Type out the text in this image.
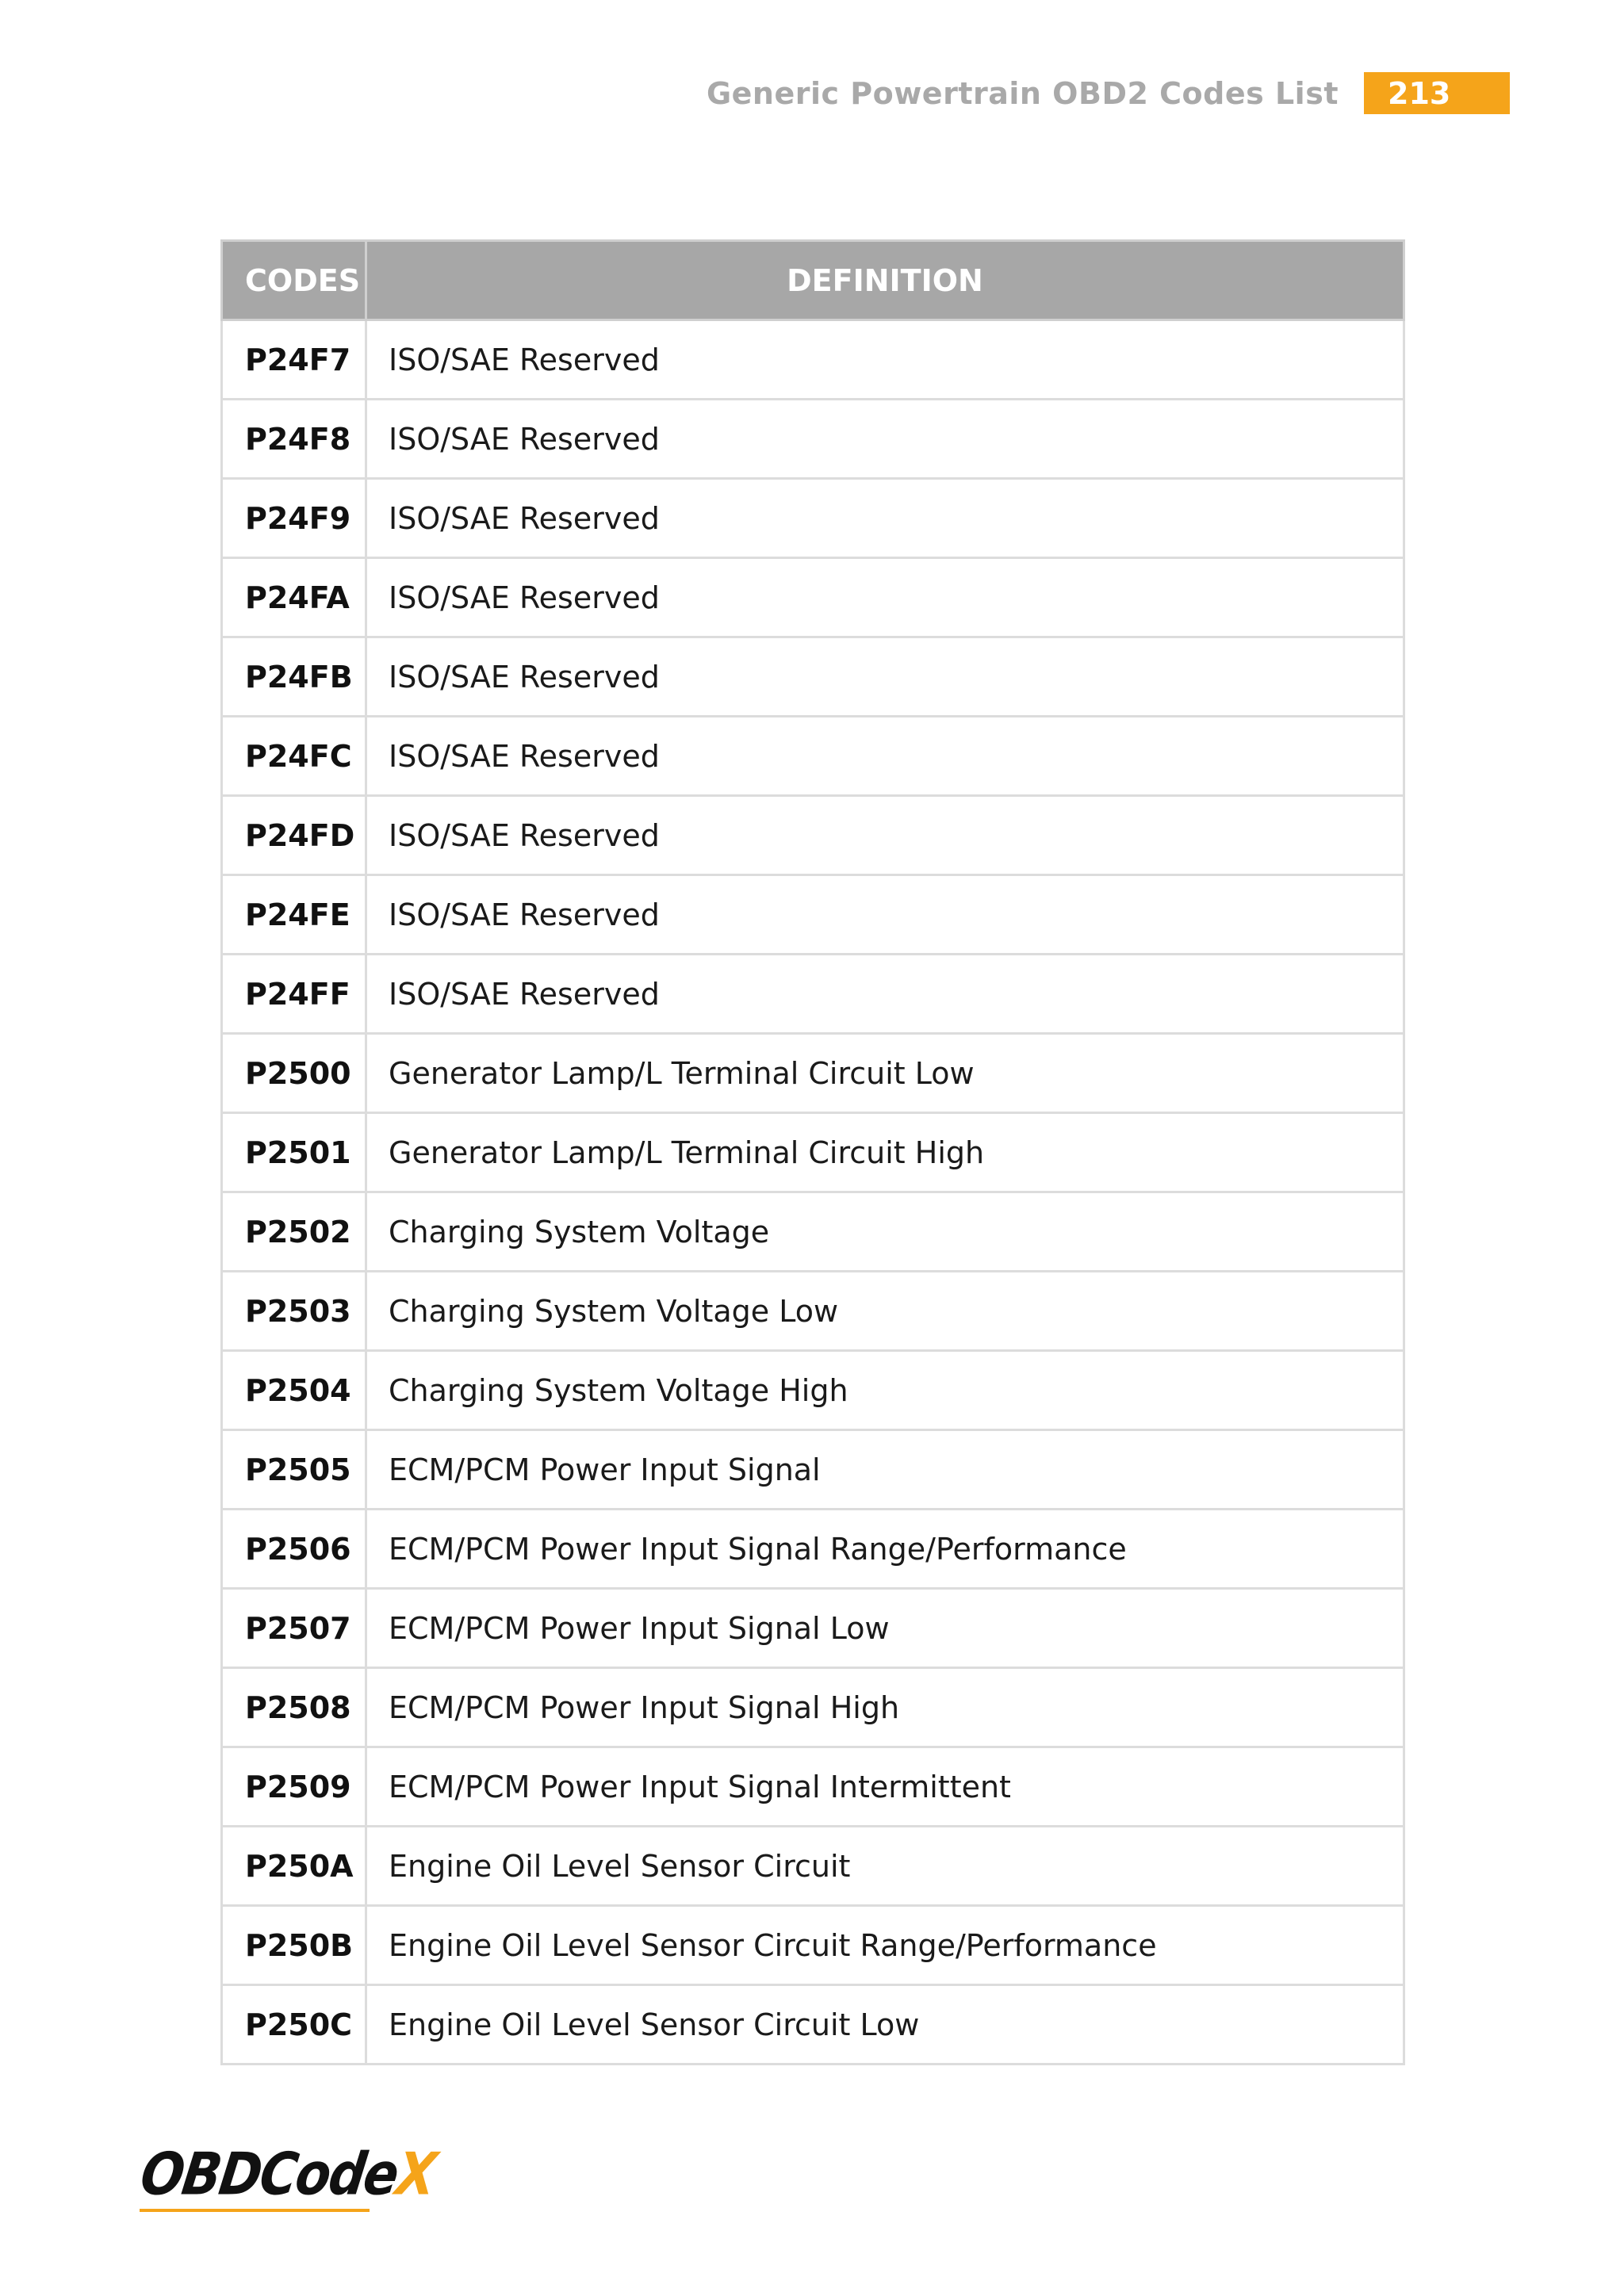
Generic Powertrain OBD2 Codes List	213
CODES	DEFINITION
P24F7	ISO/SAE Reserved
P24F8	ISO/SAE Reserved
P24F9	ISO/SAE Reserved
P24FA	ISO/SAE Reserved
P24FB	ISO/SAE Reserved
P24FC	ISO/SAE Reserved
P24FD	ISO/SAE Reserved
P24FE	ISO/SAE Reserved
P24FF	ISO/SAE Reserved
P2500	Generator Lamp/L Terminal Circuit Low
P2501	Generator Lamp/L Terminal Circuit High
P2502	Charging System Voltage
P2503	Charging System Voltage Low
P2504	Charging System Voltage High
P2505	ECM/PCM Power Input Signal
P2506	ECM/PCM Power Input Signal Range/Performance
P2507	ECM/PCM Power Input Signal Low
P2508	ECM/PCM Power Input Signal High
P2509	ECM/PCM Power Input Signal Intermittent
P250A	Engine Oil Level Sensor Circuit
P250B	Engine Oil Level Sensor Circuit Range/Performance
P250C	Engine Oil Level Sensor Circuit Low
OBDCodeX
